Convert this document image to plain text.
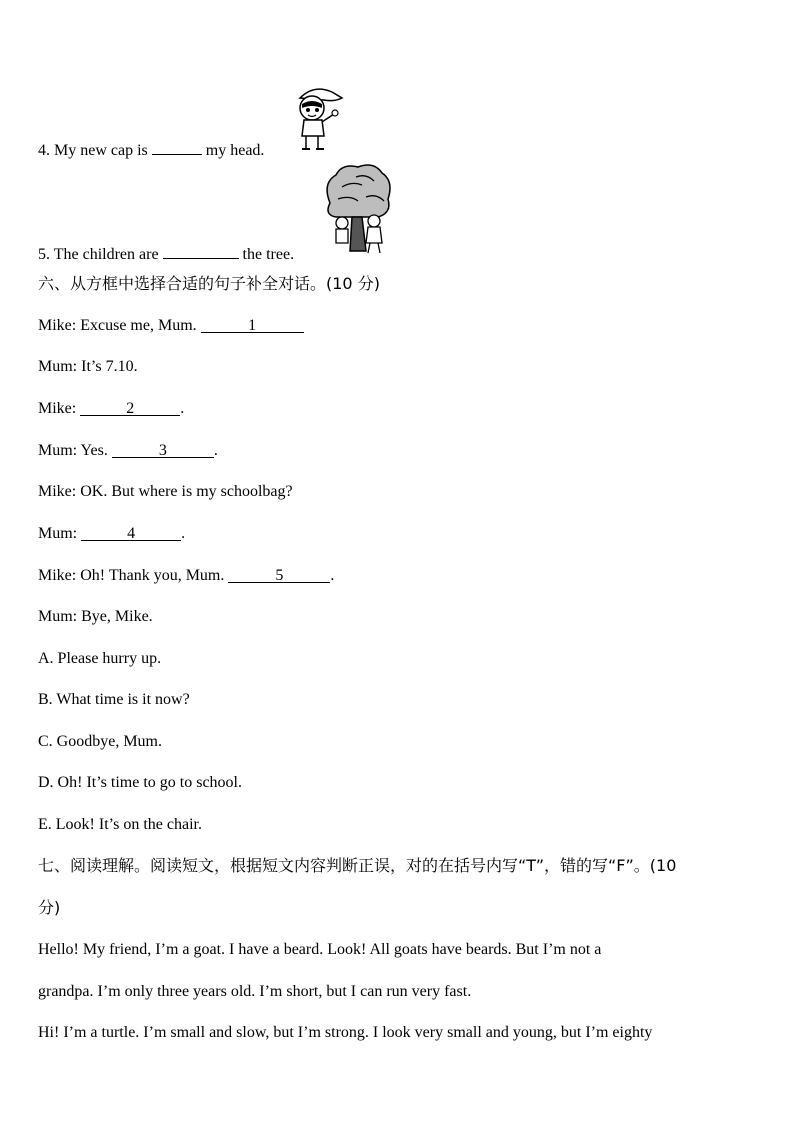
4. My new cap is	my head.
5. The children are	the tree.
六、从方框中选择合适的句子补全对话。(10 分)
Mike: Excuse me, Mum.	1
Mum: It’s 7.10.
Mike:	2	.
Mum: Yes.	3	.
Mike: OK. But where is my schoolbag?
Mum:	4	.
Mike: Oh! Thank you, Mum.	5	.
Mum: Bye, Mike.
A. Please hurry up.
B. What time is it now?
C. Goodbye, Mum.
D. Oh! It’s time to go to school.
E. Look! It’s on the chair.
七、阅读理解。阅读短文，根据短文内容判断正误，对的在括号内写“T”，错的写“F”。(10
分)
Hello! My friend, I’m a goat. I have a beard. Look! All goats have beards. But I’m not a
grandpa. I’m only three years old. I’m short, but I can run very fast.
Hi! I’m a turtle. I’m small and slow, but I’m strong. I look very small and young, but I’m eighty
